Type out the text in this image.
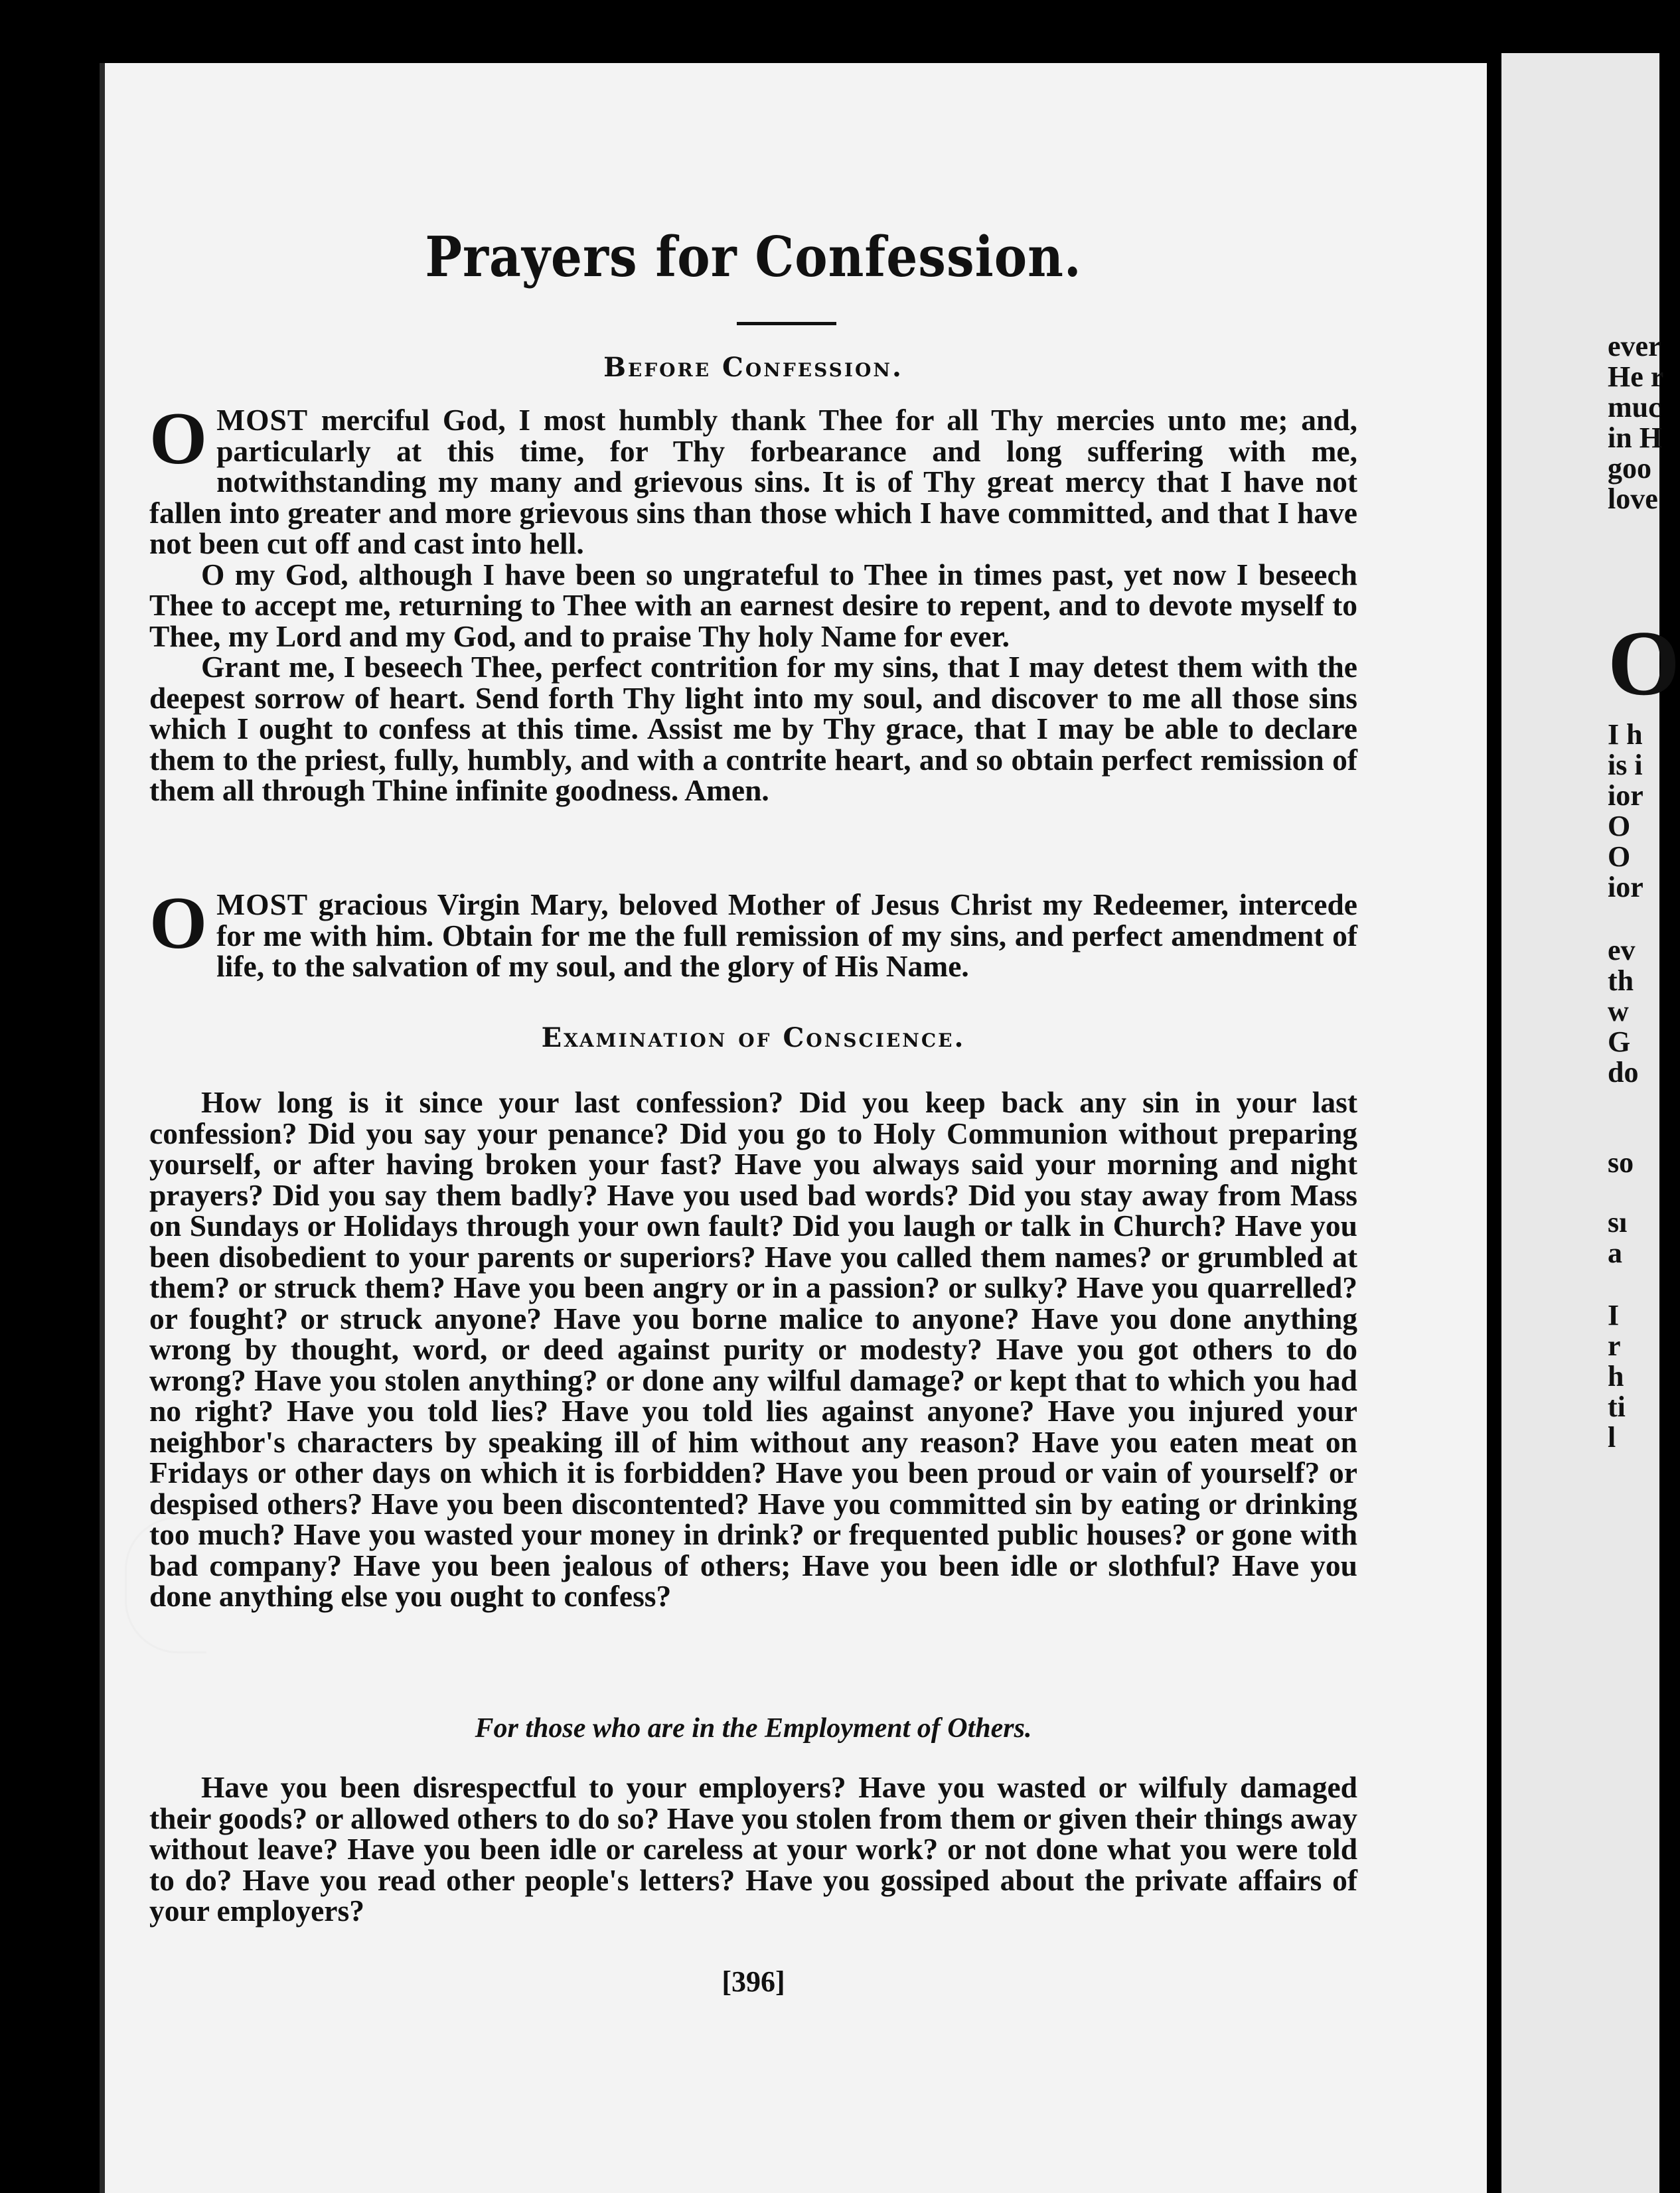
ever
He r
muc
in H
goo
love
O
I h
is i
ior
O
O
ior
ev
th
w
G
do
so
sı
a
I
r
h
ti
l
Prayers for Confession.
Before Confession.

OMOST merciful God, I most humbly thank Thee for all Thy mercies unto me; and, particularly at this time, for Thy forbearance and long suffering with me, notwithstanding my many and grievous sins. It is of Thy great mercy that I have not fallen into greater and more grievous sins than those which I have committed, and that I have not been cut off and cast into hell.

O my God, although I have been so ungrateful to Thee in times past, yet now I beseech Thee to accept me, returning to Thee with an earnest desire to repent, and to devote myself to Thee, my Lord and my God, and to praise Thy holy Name for ever.

Grant me, I beseech Thee, perfect contrition for my sins, that I may detest them with the deepest sorrow of heart. Send forth Thy light into my soul, and discover to me all those sins which I ought to confess at this time. Assist me by Thy grace, that I may be able to declare them to the priest, fully, humbly, and with a contrite heart, and so obtain perfect remission of them all through Thine infinite goodness. Amen.

OMOST gracious Virgin Mary, beloved Mother of Jesus Christ my Redeemer, intercede for me with him. Obtain for me the full remission of my sins, and perfect amendment of life, to the salvation of my soul, and the glory of His Name.

Examination of Conscience.

How long is it since your last confession? Did you keep back any sin in your last confession? Did you say your penance? Did you go to Holy Communion without preparing yourself, or after having broken your fast? Have you always said your morning and night prayers? Did you say them badly? Have you used bad words? Did you stay away from Mass on Sundays or Holidays through your own fault? Did you laugh or talk in Church? Have you been disobedient to your parents or superiors? Have you called them names? or grumbled at them? or struck them? Have you been angry or in a passion? or sulky? Have you quarrelled? or fought? or struck anyone? Have you borne malice to anyone? Have you done anything wrong by thought, word, or deed against purity or modesty? Have you got others to do wrong? Have you stolen anything? or done any wilful damage? or kept that to which you had no right? Have you told lies? Have you told lies against anyone? Have you injured your neighbor's characters by speaking ill of him without any reason? Have you eaten meat on Fridays or other days on which it is forbidden? Have you been proud or vain of yourself? or despised others? Have you been discontented? Have you committed sin by eating or drinking too much? Have you wasted your money in drink? or frequented public houses? or gone with bad company? Have you been jealous of others; Have you been idle or slothful? Have you done anything else you ought to confess?

For those who are in the Employment of Others.

Have you been disrespectful to your employers? Have you wasted or wilfuly damaged their goods? or allowed others to do so? Have you stolen from them or given their things away without leave? Have you been idle or careless at your work? or not done what you were told to do? Have you read other people's letters? Have you gossiped about the private affairs of your employers?

[396]
